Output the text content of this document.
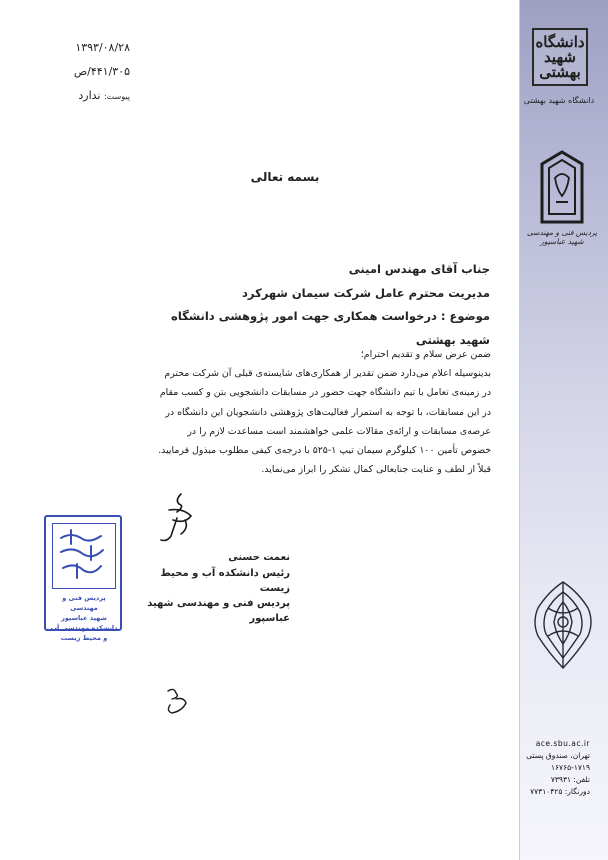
دانشگاه شهید بهشتی
دانشگاه شهید بهشتی
پردیس فنی و مهندسی شهید عباسپور
ace.sbu.ac.ir
تهران، صندوق پستی ۱۷۱۹-۱۶۷۶۵
تلفن: ۷۳۹۳۱
دورنگار: ۷۷۳۱۰۴۲۵
۱۳۹۳/۰۸/۲۸
۴۴۱/۳۰۵/ص
پیوست: ندارد
بسمه تعالی
جناب آقای مهندس امینی
مدیریت محترم عامل شرکت سیمان شهرکرد
موضوع : درخواست همکاری جهت امور پژوهشی دانشگاه شهید بهشتی

ضمن عرض سلام و تقدیم احترام؛

بدینوسیله اعلام می‌دارد ضمن تقدیر از همکاری‌های شایسته‌ی قبلی آن شرکت محترم در زمینه‌ی تعامل با تیم دانشگاه جهت حضور در مسابقات دانشجویی بتن و کسب مقام در این مسابقات، با توجه به استمرار فعالیت‌های پژوهشی دانشجویان این دانشگاه در عرصه‌ی مسابقات و ارائه‌ی مقالات علمی خواهشمند است مساعدت لازم را در خصوص تأمین ۱۰۰ کیلوگرم سیمان تیپ ۱-۵۲۵ با درجه‌ی کیفی مطلوب مبذول فرمایید.

قبلاً از لطف و عنایت جنابعالی کمال تشکر را ابراز می‌نماید.

نعمت حسنی
رئیس دانشکده آب و محیط زیست
پردیس فنی و مهندسی شهید عباسپور
پردیس فنی و مهندسی
شهید عباسپور
دانشکده مهندسی آب و محیط زیست
